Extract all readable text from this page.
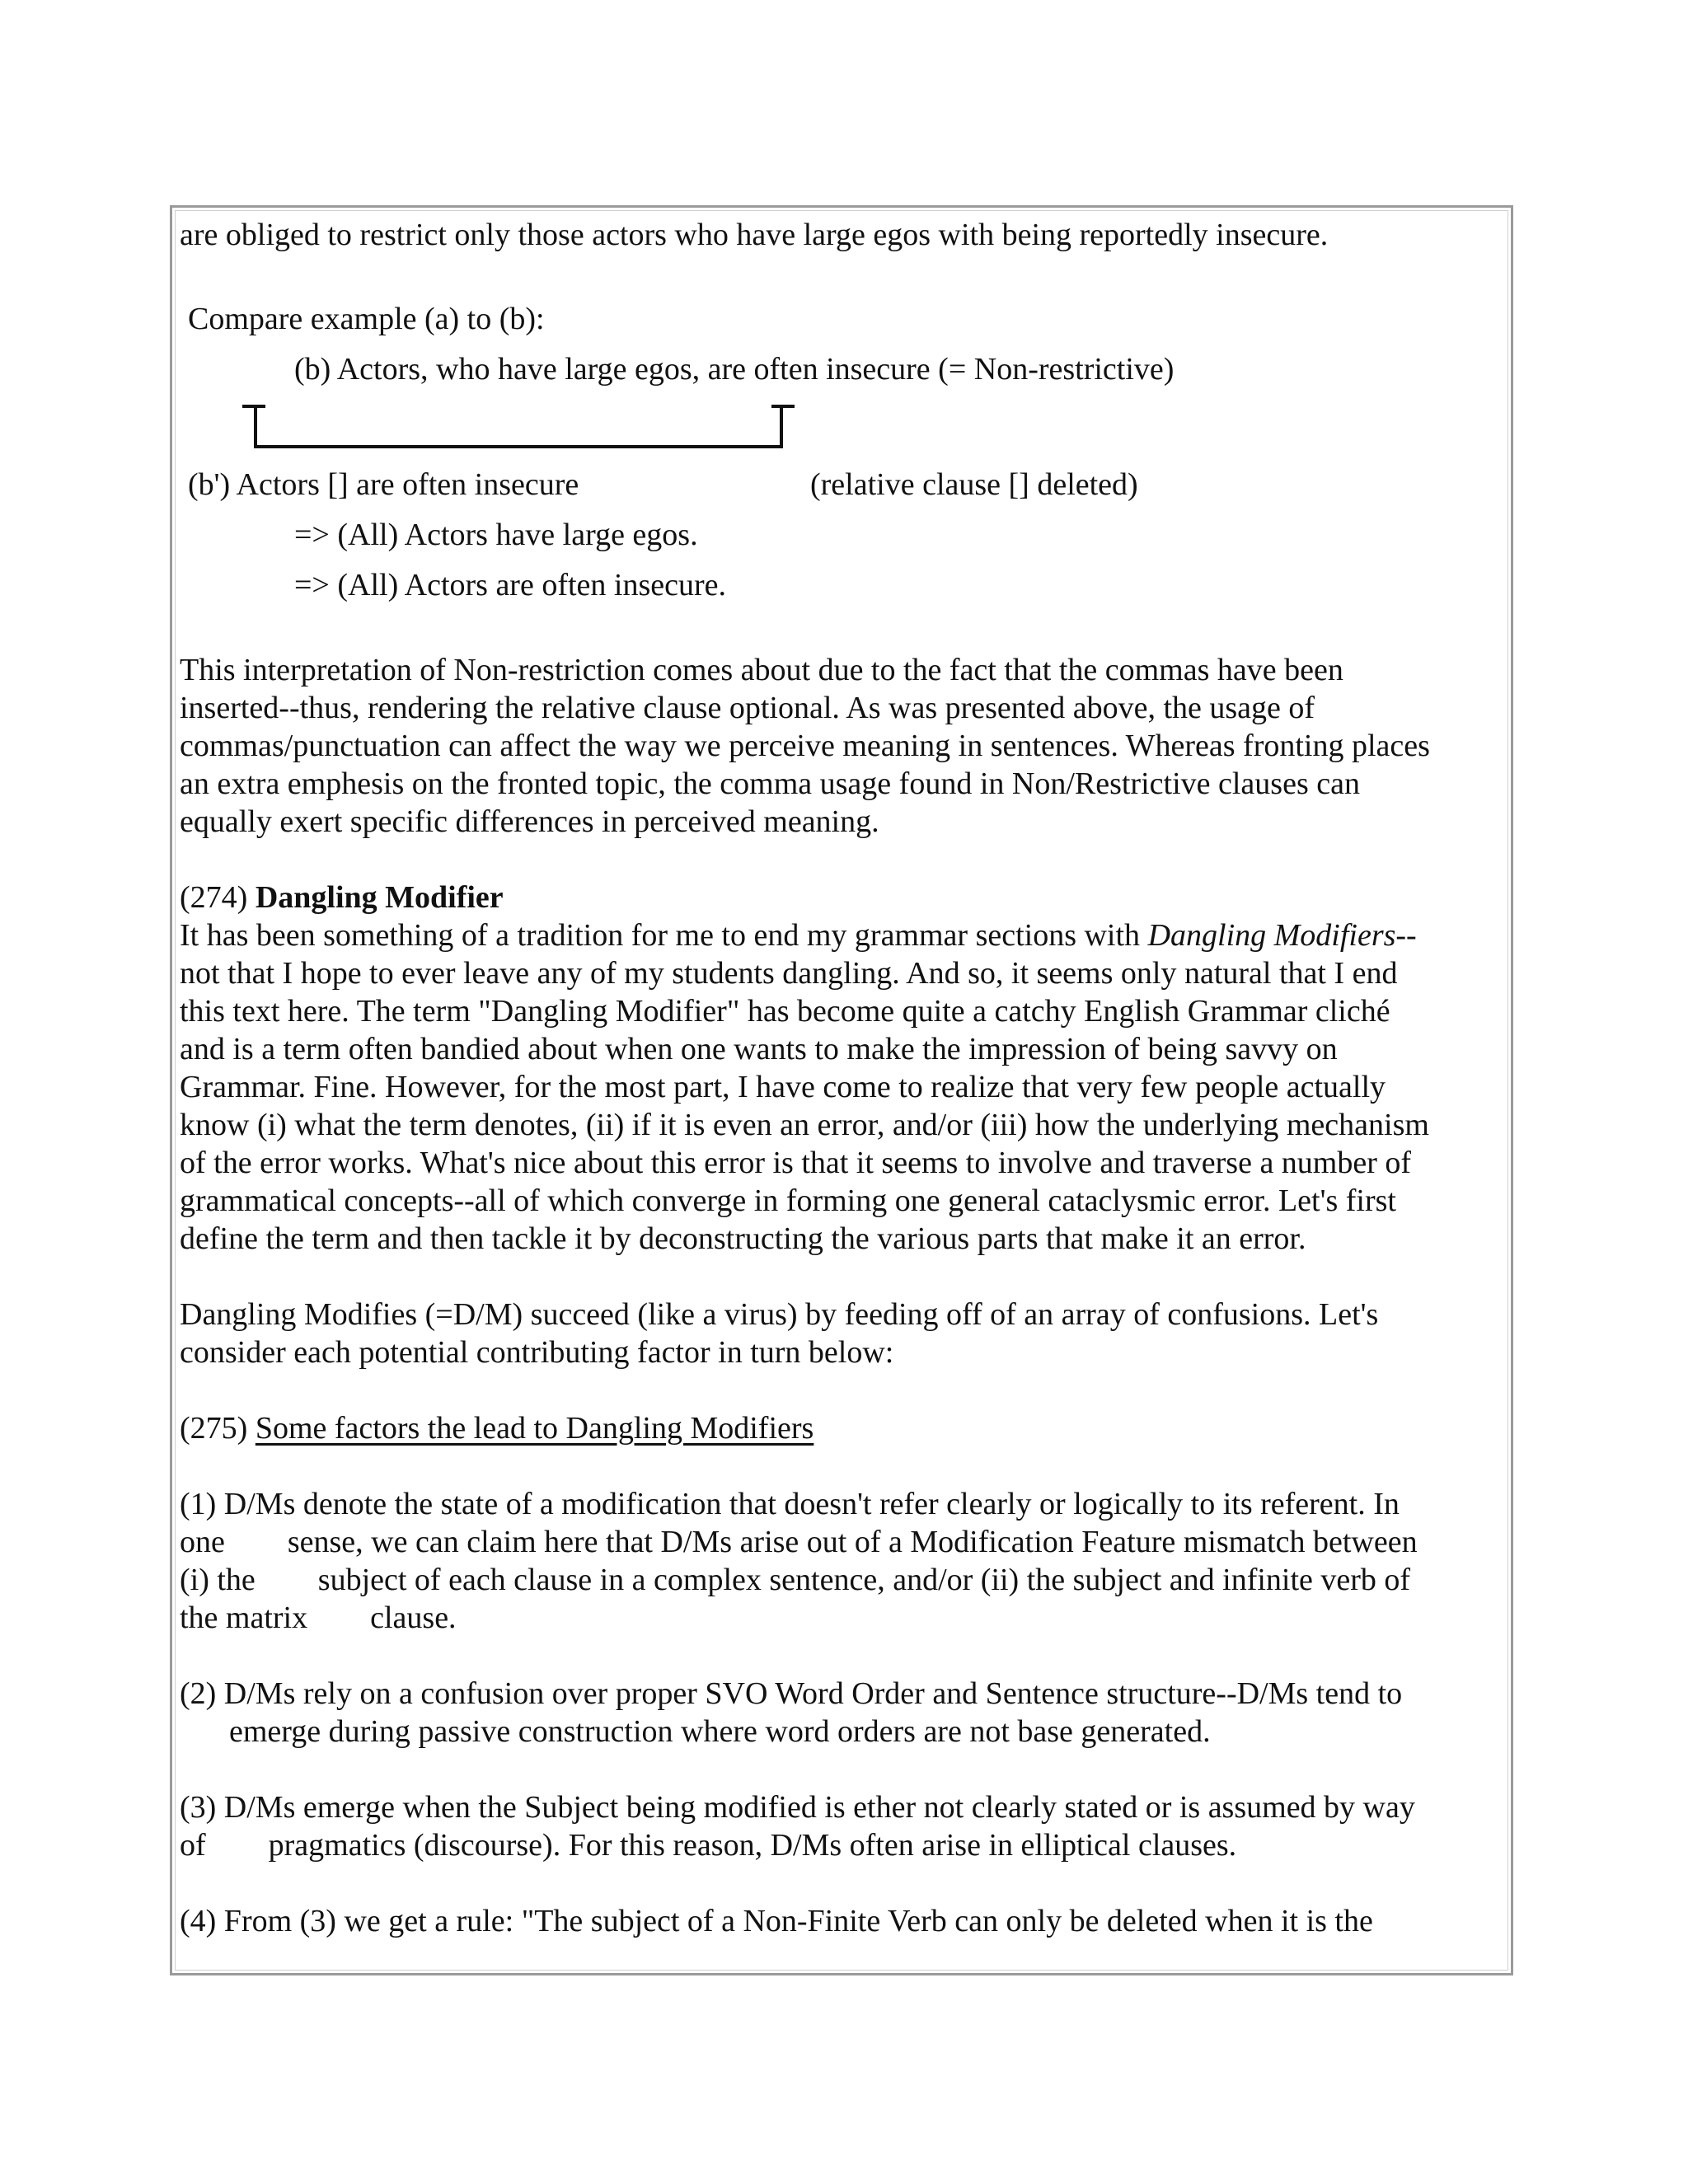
are obliged to restrict only those actors who have large egos with being reportedly insecure.

Compare example (a) to (b):

(b) Actors, who have large egos, are often insecure (= Non-restrictive)

(b') Actors [] are often insecure	(relative clause [] deleted)

=> (All) Actors have large egos.

=> (All) Actors are often insecure.

This interpretation of Non-restriction comes about due to the fact that the commas have been

inserted--thus, rendering the relative clause optional. As was presented above, the usage of

commas/punctuation can affect the way we perceive meaning in sentences. Whereas fronting places

an extra emphesis on the fronted topic, the comma usage found in Non/Restrictive clauses can

equally exert specific differences in perceived meaning.

(274) Dangling Modifier

It has been something of a tradition for me to end my grammar sections with Dangling Modifiers--

not that I hope to ever leave any of my students dangling. And so, it seems only natural that I end

this text here. The term "Dangling Modifier" has become quite a catchy English Grammar cliché

and is a term often bandied about when one wants to make the impression of being savvy on

Grammar. Fine. However, for the most part, I have come to realize that very few people actually

know (i) what the term denotes, (ii) if it is even an error, and/or (iii) how the underlying mechanism

of the error works. What's nice about this error is that it seems to involve and traverse a number of

grammatical concepts--all of which converge in forming one general cataclysmic error. Let's first

define the term and then tackle it by deconstructing the various parts that make it an error.

Dangling Modifies (=D/M) succeed (like a virus) by feeding off of an array of confusions. Let's

consider each potential contributing factor in turn below:

(275) Some factors the lead to Dangling Modifiers

(1) D/Ms denote the state of a modification that doesn't refer clearly or logically to its referent. In

one        sense, we can claim here that D/Ms arise out of a Modification Feature mismatch between

(i) the        subject of each clause in a complex sentence, and/or (ii) the subject and infinite verb of

the matrix        clause.

(2) D/Ms rely on a confusion over proper SVO Word Order and Sentence structure--D/Ms tend to

emerge during passive construction where word orders are not base generated.

(3) D/Ms emerge when the Subject being modified is ether not clearly stated or is assumed by way

of        pragmatics (discourse). For this reason, D/Ms often arise in elliptical clauses.

(4) From (3) we get a rule: "The subject of a Non-Finite Verb can only be deleted when it is the
